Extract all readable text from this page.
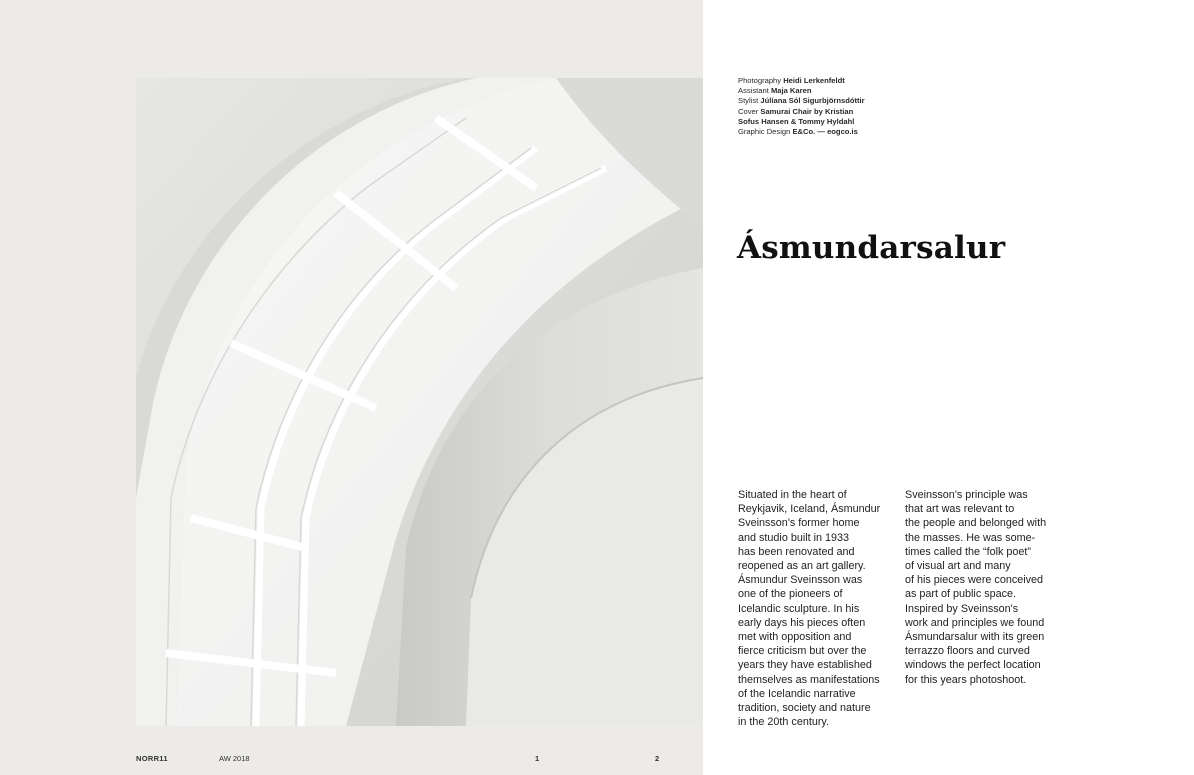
Photography Heidi Lerkenfeldt
Assistant Maja Karen
Stylist Júlíana Sól Sigurbjörnsdóttir
Cover Samurai Chair by Kristian
Sofus Hansen & Tommy Hyldahl
Graphic Design E&Co. — eogco.is
Ásmundarsalur
Situated in the heart of
Reykjavik, Iceland, Ásmundur
Sveinsson's former home
and studio built in 1933
has been renovated and
reopened as an art gallery.
Ásmundur Sveinsson was
one of the pioneers of
Icelandic sculpture. In his
early days his pieces often
met with opposition and
fierce criticism but over the
years they have established
themselves as manifestations
of the Icelandic narrative
tradition, society and nature
in the 20th century.
Sveinsson's principle was
that art was relevant to
the people and belonged with
the masses. He was some-
times called the “folk poet”
of visual art and many
of his pieces were conceived
as part of public space.
Inspired by Sveinsson's
work and principles we found
Ásmundarsalur with its green
terrazzo floors and curved
windows the perfect location
for this years photoshoot.
NORR11	AW 2018	1	2
